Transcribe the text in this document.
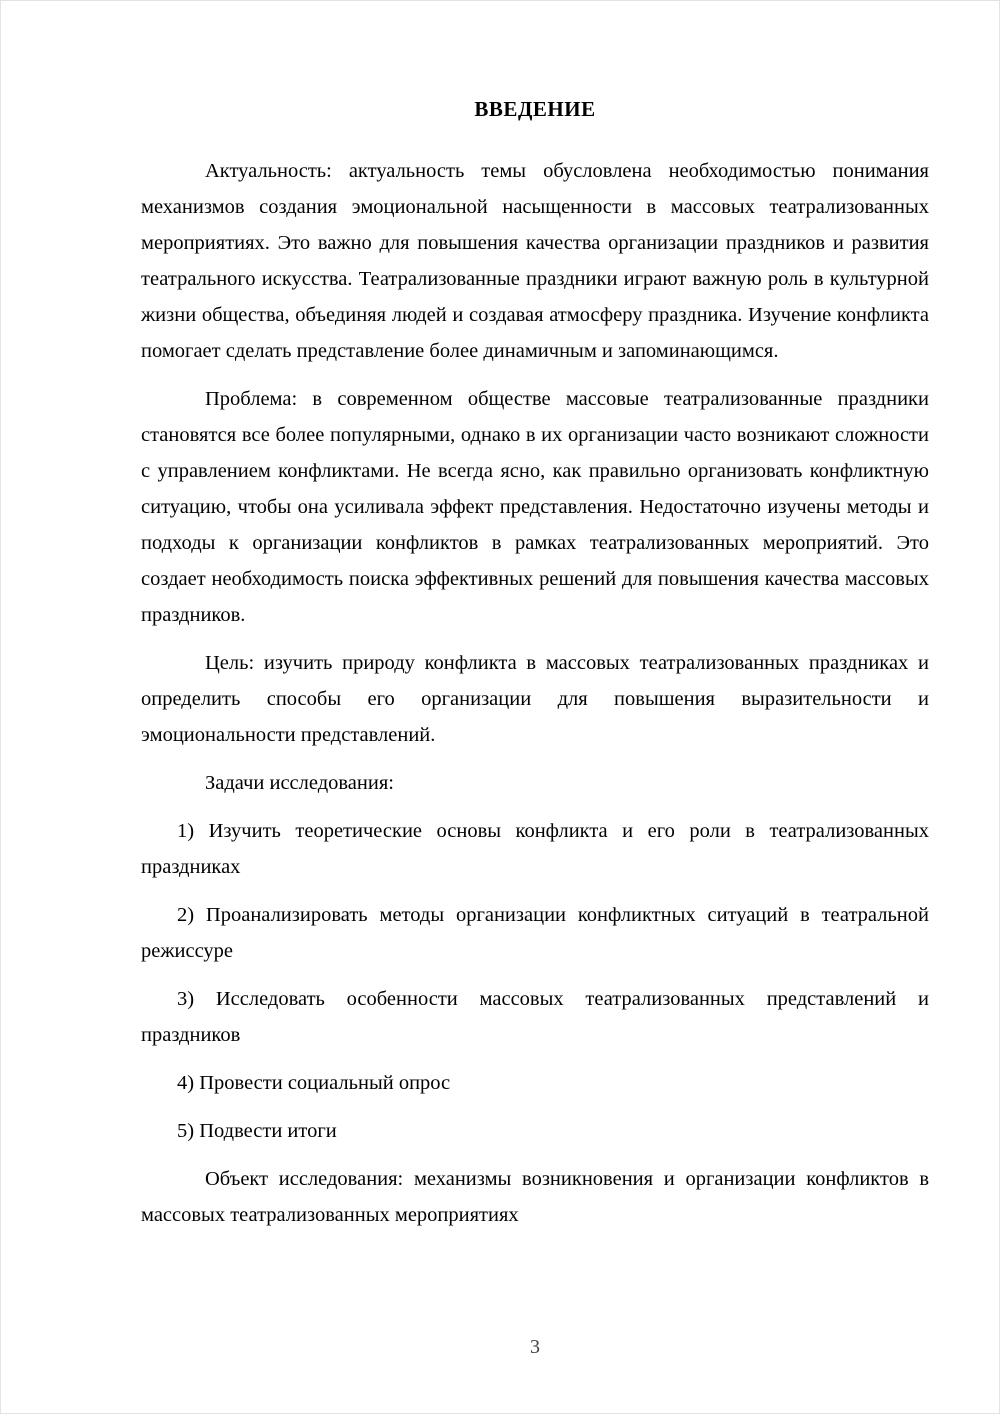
ВВЕДЕНИЕ

Актуальность: актуальность темы обусловлена необходимостью понимания механизмов создания эмоциональной насыщенности в массовых театрализованных мероприятиях. Это важно для повышения качества организации праздников и развития театрального искусства. Театрализованные праздники играют важную роль в культурной жизни общества, объединяя людей и создавая атмосферу праздника. Изучение конфликта помогает сделать представление более динамичным и запоминающимся.

Проблема: в современном обществе массовые театрализованные праздники становятся все более популярными, однако в их организации часто возникают сложности с управлением конфликтами. Не всегда ясно, как правильно организовать конфликтную ситуацию, чтобы она усиливала эффект представления. Недостаточно изучены методы и подходы к организации конфликтов в рамках театрализованных мероприятий. Это создает необходимость поиска эффективных решений для повышения качества массовых праздников.

Цель: изучить природу конфликта в массовых театрализованных праздниках и определить способы его организации для повышения выразительности и эмоциональности представлений.

Задачи исследования:

1) Изучить теоретические основы конфликта и его роли в театрализованных праздниках

2) Проанализировать методы организации конфликтных ситуаций в театральной режиссуре

3) Исследовать особенности массовых театрализованных представлений и праздников

4) Провести социальный опрос

5) Подвести итоги

Объект исследования: механизмы возникновения и организации конфликтов в массовых театрализованных мероприятиях

3
